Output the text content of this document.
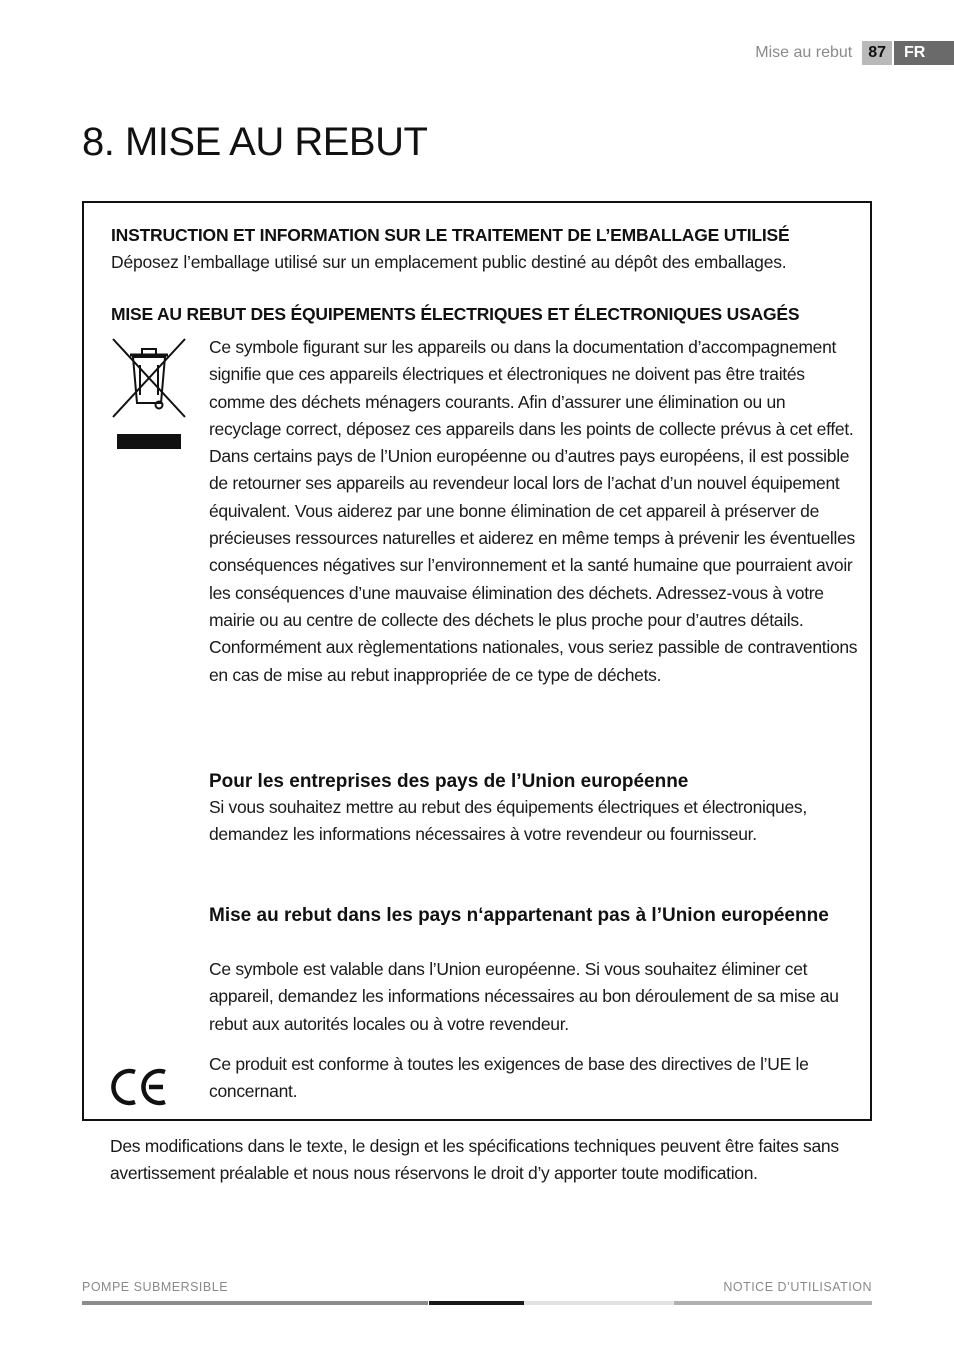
Mise au rebut	87	FR
8. MISE AU REBUT
INSTRUCTION ET INFORMATION SUR LE TRAITEMENT DE L’EMBALLAGE UTILISÉ
Déposez l’emballage utilisé sur un emplacement public destiné au dépôt des emballages.
MISE AU REBUT DES ÉQUIPEMENTS ÉLECTRIQUES ET ÉLECTRONIQUES USAGÉS
Ce symbole figurant sur les appareils ou dans la documentation d’accompagnement signifie que ces appareils électriques et électroniques ne doivent pas être traités comme des déchets ménagers courants. Afin d’assurer une élimination ou un recyclage correct, déposez ces appareils dans les points de collecte prévus à cet effet. Dans certains pays de l’Union européenne ou d’autres pays européens, il est possible de retourner ses appareils au revendeur local lors de l’achat d’un nouvel équipement équivalent. Vous aiderez par une bonne élimination de cet appareil à préserver de précieuses ressources naturelles et aiderez en même temps à prévenir les éventuelles conséquences négatives sur l’environnement et la santé humaine que pourraient avoir les conséquences d’une mauvaise élimination des déchets. Adressez-vous à votre mairie ou au centre de collecte des déchets le plus proche pour d’autres détails. Conformément aux règlementations nationales, vous seriez passible de contraventions en cas de mise au rebut inappropriée de ce type de déchets.
Pour les entreprises des pays de l’Union européenne
Si vous souhaitez mettre au rebut des équipements électriques et électroniques, demandez les informations nécessaires à votre revendeur ou fournisseur.
Mise au rebut dans les pays n‘appartenant pas à l’Union européenne
Ce symbole est valable dans l’Union européenne. Si vous souhaitez éliminer cet appareil, demandez les informations nécessaires au bon déroulement de sa mise au rebut aux autorités locales ou à votre revendeur.
Ce produit est conforme à toutes les exigences de base des directives de l’UE le concernant.
Des modifications dans le texte, le design et les spécifications techniques peuvent être faites sans avertissement préalable et nous nous réservons le droit d’y apporter toute modification.
POMPE SUBMERSIBLE	NOTICE D’UTILISATION
